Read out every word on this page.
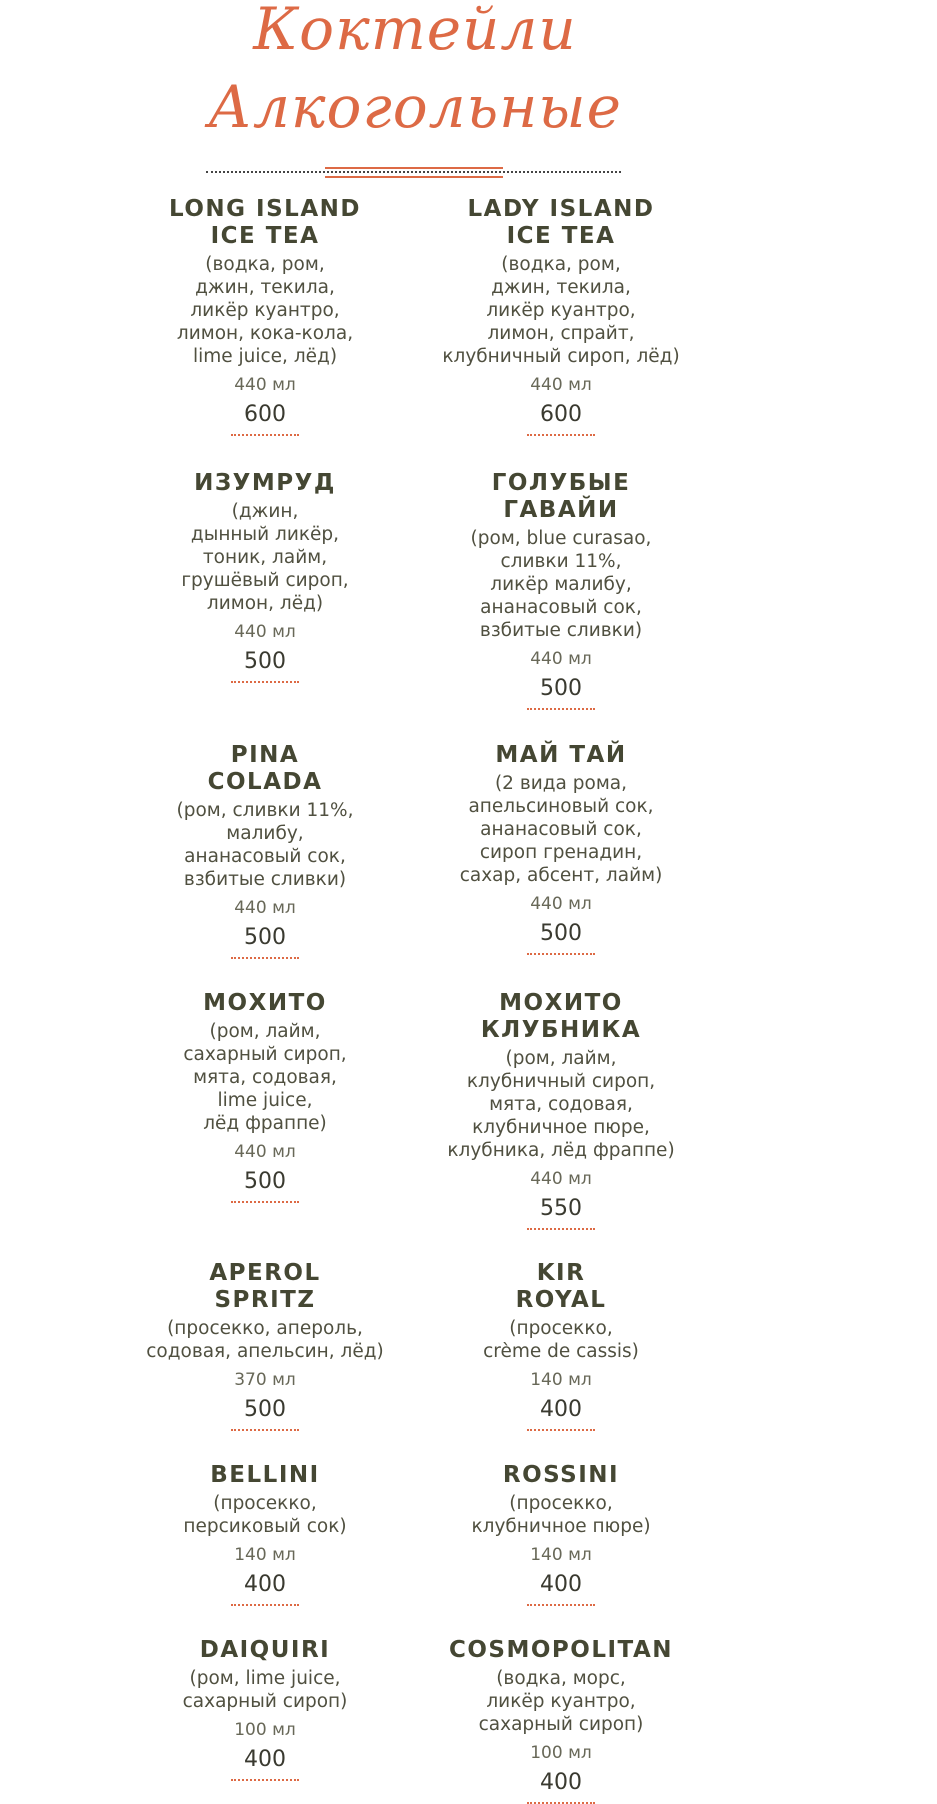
Коктейли
Алкогольные
LONG ISLAND
ICE TEA
(водка, ром,
джин, текила,
ликёр куантро,
лимон, кока-кола,
lime juice, лёд)
440 мл
600
ИЗУМРУД
(джин,
дынный ликёр,
тоник, лайм,
грушёвый сироп,
лимон, лёд)
440 мл
500
PINA
COLADA
(ром, сливки 11%,
малибу,
ананасовый сок,
взбитые сливки)
440 мл
500
МОХИТО
(ром, лайм,
сахарный сироп,
мята, содовая,
lime juice,
лёд фраппе)
440 мл
500
APEROL
SPRITZ
(просекко, апероль,
содовая, апельсин, лёд)
370 мл
500
BELLINI
(просекко,
персиковый сок)
140 мл
400
DAIQUIRI
(ром, lime juice,
сахарный сироп)
100 мл
400
LADY ISLAND
ICE TEA
(водка, ром,
джин, текила,
ликёр куантро,
лимон, спрайт,
клубничный сироп, лёд)
440 мл
600
ГОЛУБЫЕ
ГАВАЙИ
(ром, blue curasao,
сливки 11%,
ликёр малибу,
ананасовый сок,
взбитые сливки)
440 мл
500
МАЙ ТАЙ
(2 вида рома,
апельсиновый сок,
ананасовый сок,
сироп гренадин,
сахар, абсент, лайм)
440 мл
500
МОХИТО
КЛУБНИКА
(ром, лайм,
клубничный сироп,
мята, содовая,
клубничное пюре,
клубника, лёд фраппе)
440 мл
550
KIR
ROYAL
(просекко,
crème de cassis)
140 мл
400
ROSSINI
(просекко,
клубничное пюре)
140 мл
400
COSMOPOLITAN
(водка, морс,
ликёр куантро,
сахарный сироп)
100 мл
400
